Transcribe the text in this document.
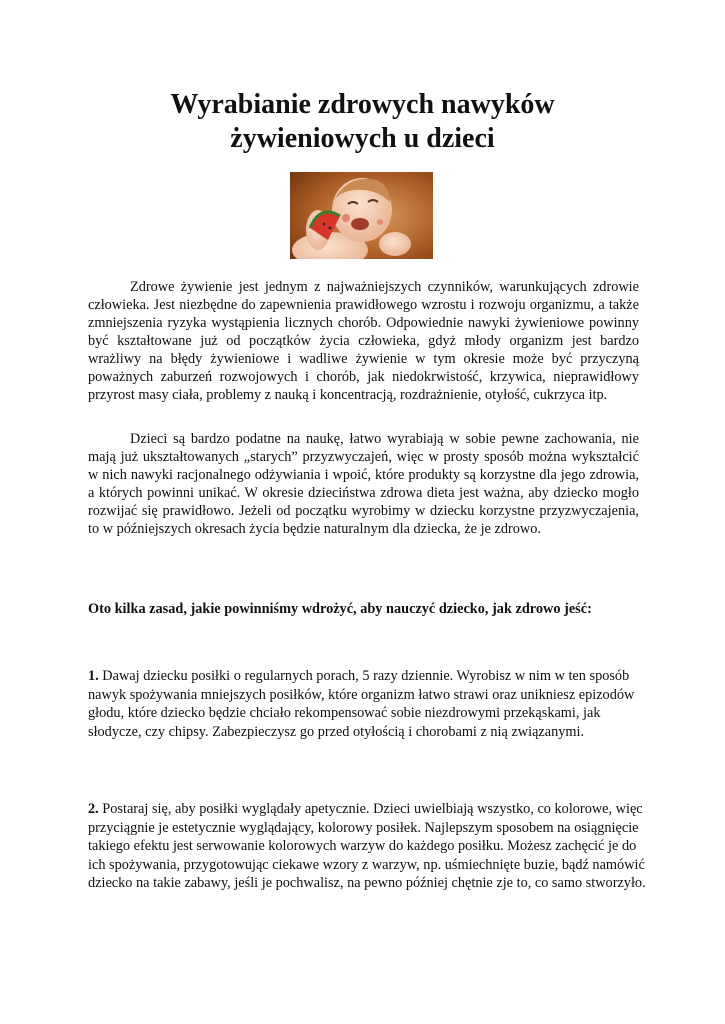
Wyrabianie zdrowych nawyków
żywieniowych u dzieci

Zdrowe żywienie jest jednym z najważniejszych czynników, warunkujących zdrowie człowieka. Jest niezbędne do zapewnienia prawidłowego wzrostu i rozwoju organizmu, a także zmniejszenia ryzyka wystąpienia licznych chorób. Odpowiednie nawyki żywieniowe powinny być kształtowane już od początków życia człowieka, gdyż młody organizm jest bardzo wrażliwy na błędy żywieniowe i wadliwe żywienie w tym okresie może być przyczyną poważnych zaburzeń rozwojowych i chorób, jak niedokrwistość, krzywica, nieprawidłowy przyrost masy ciała, problemy z nauką i koncentracją, rozdrażnienie, otyłość, cukrzyca itp.

Dzieci są bardzo podatne na naukę, łatwo wyrabiają w sobie pewne zachowania, nie mają już ukształtowanych „starych” przyzwyczajeń, więc w prosty sposób można wykształcić w nich nawyki racjonalnego odżywiania i wpoić, które produkty są korzystne dla jego zdrowia, a których powinni unikać. W okresie dzieciństwa zdrowa dieta jest ważna, aby dziecko mogło rozwijać się prawidłowo. Jeżeli od początku wyrobimy w dziecku korzystne przyzwyczajenia, to w późniejszych okresach życia będzie naturalnym dla dziecka, że je zdrowo.

Oto kilka zasad, jakie powinniśmy wdrożyć, aby nauczyć dziecko, jak zdrowo jeść:

1. Dawaj dziecku posiłki o regularnych porach, 5 razy dziennie. Wyrobisz w nim w ten sposób nawyk spożywania mniejszych posiłków, które organizm łatwo strawi oraz unikniesz epizodów głodu, które dziecko będzie chciało rekompensować sobie niezdrowymi przekąskami, jak słodycze, czy chipsy. Zabezpieczysz go przed otyłością i chorobami z nią związanymi.

2. Postaraj się, aby posiłki wyglądały apetycznie. Dzieci uwielbiają wszystko, co kolorowe, więc przyciągnie je estetycznie wyglądający, kolorowy posiłek. Najlepszym sposobem na osiągnięcie takiego efektu jest serwowanie kolorowych warzyw do każdego posiłku. Możesz zachęcić je do ich spożywania, przygotowując ciekawe wzory z warzyw, np. uśmiechnięte buzie, bądź namówić dziecko na takie zabawy, jeśli je pochwalisz, na pewno później chętnie zje to, co samo stworzyło.
